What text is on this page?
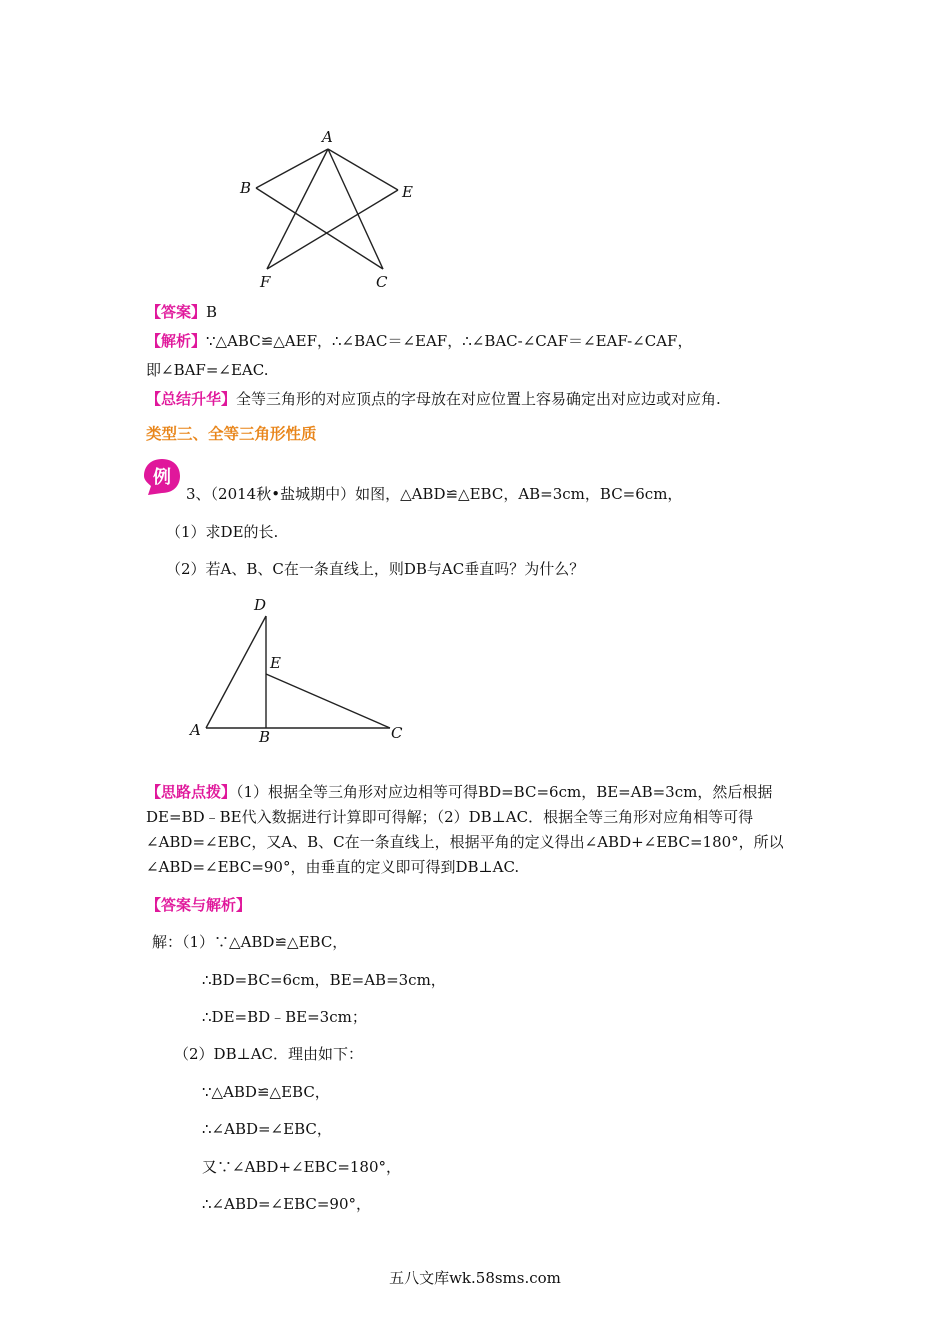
A
B	E
F	C
【答案】B
【解析】∵△ABC≌△AEF，∴∠BAC＝∠EAF，∴∠BAC-∠CAF＝∠EAF-∠CAF，
即∠BAF=∠EAC.
【总结升华】全等三角形的对应顶点的字母放在对应位置上容易确定出对应边或对应角.
类型三、全等三角形性质
例
3、（2014秋•盐城期中）如图，△ABD≌△EBC，AB=3cm，BC=6cm，
（1）求DE的长.
（2）若A、B、C在一条直线上，则DB与AC垂直吗？为什么？
D
E
A	B	C
【思路点拨】（1）根据全等三角形对应边相等可得BD=BC=6cm，BE=AB=3cm，然后根据
DE=BD﹣BE代入数据进行计算即可得解；（2）DB⊥AC．根据全等三角形对应角相等可得
∠ABD=∠EBC，又A、B、C在一条直线上，根据平角的定义得出∠ABD+∠EBC=180°，所以
∠ABD=∠EBC=90°，由垂直的定义即可得到DB⊥AC.
【答案与解析】
解：（1）∵△ABD≌△EBC，
∴BD=BC=6cm，BE=AB=3cm，
∴DE=BD﹣BE=3cm；
（2）DB⊥AC．理由如下：
∵△ABD≌△EBC，
∴∠ABD=∠EBC，
又∵∠ABD+∠EBC=180°，
∴∠ABD=∠EBC=90°，
五八文库wk.58sms.com
